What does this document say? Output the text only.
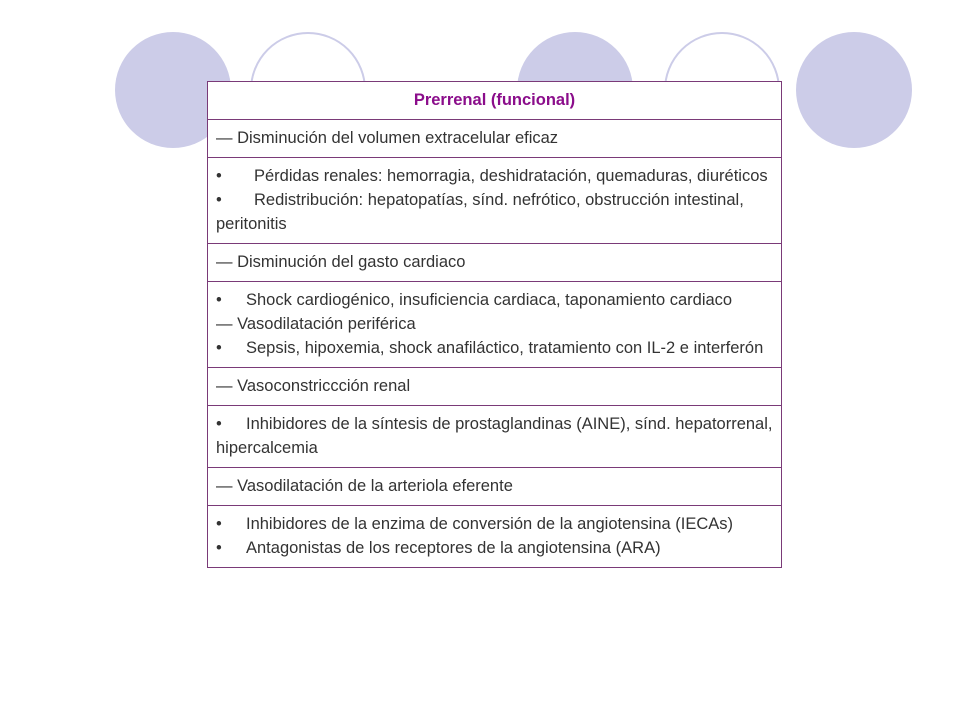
Prerrenal (funcional)
— Disminución del volumen extracelular eficaz

• Pérdidas renales: hemorragia, deshidratación, quemaduras, diuréticos
• Redistribución: hepatopatías, sínd. nefrótico, obstrucción intestinal, peritonitis

— Disminución del gasto cardiaco

• Shock cardiogénico, insuficiencia cardiaca, taponamiento cardiaco
— Vasodilatación periférica
• Sepsis, hipoxemia, shock anafiláctico, tratamiento con IL-2 e interferón

— Vasoconstriccción renal

• Inhibidores de la síntesis de prostaglandinas (AINE), sínd. hepatorrenal, hipercalcemia

— Vasodilatación de la arteriola eferente

• Inhibidores de la enzima de conversión de la angiotensina (IECAs)
• Antagonistas de los receptores de la angiotensina (ARA)
